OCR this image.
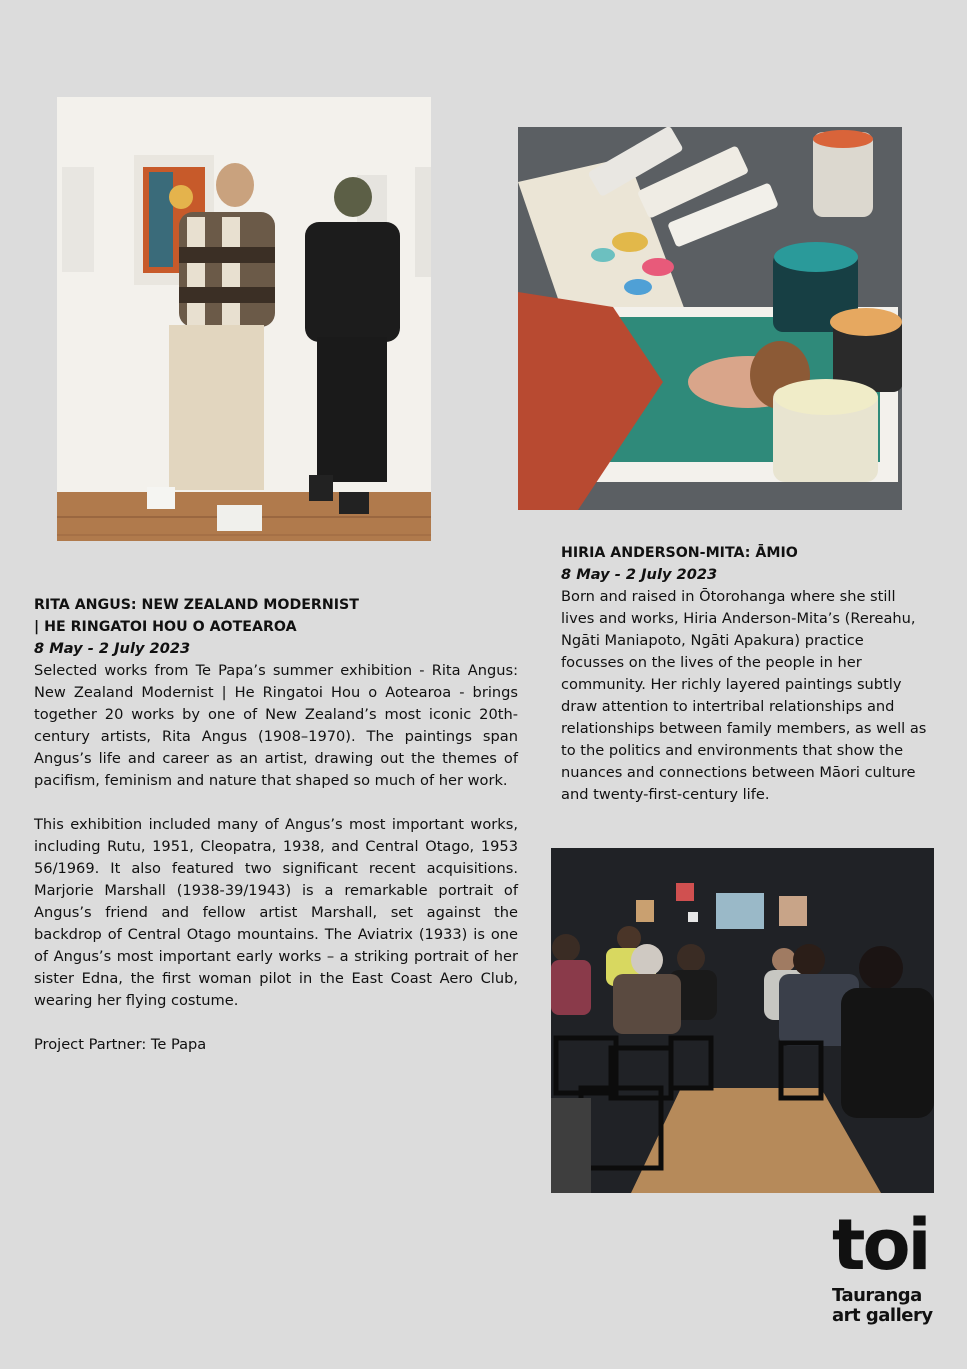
RITA ANGUS: NEW ZEALAND MODERNIST
| HE RINGATOI HOU O AOTEAROA
8 May - 2 July 2023

Selected works from Te Papa’s summer exhibition - Rita Angus: New Zealand Modernist | He Ringatoi Hou o Aotearoa - brings together 20 works by one of New Zealand’s most iconic 20th-century artists, Rita Angus (1908–1970). The paintings span Angus’s life and career as an artist, drawing out the themes of pacifism, feminism and nature that shaped so much of her work.

This exhibition included many of Angus’s most important works, including Rutu, 1951, Cleopatra, 1938, and Central Otago, 1953 56/1969. It also featured two significant recent acquisitions. Marjorie Marshall (1938-39/1943) is a remarkable portrait of Angus’s friend and fellow artist Marshall, set against the backdrop of Central Otago mountains. The Aviatrix (1933) is one of Angus’s most important early works – a striking portrait of her sister Edna, the first woman pilot in the East Coast Aero Club, wearing her flying costume.

Project Partner: Te Papa

HIRIA ANDERSON-MITA: ĀMIO
8 May - 2 July 2023

Born and raised in Ōtorohanga where she still lives and works, Hiria Anderson-Mita’s (Rereahu, Ngāti Maniapoto, Ngāti Apakura) practice focusses on the lives of the people in her community. Her richly layered paintings subtly draw attention to intertribal relationships and relationships between family members, as well as to the politics and environments that show the nuances and connections between Māori culture and twenty-first-century life.

toi
Tauranga
art gallery
